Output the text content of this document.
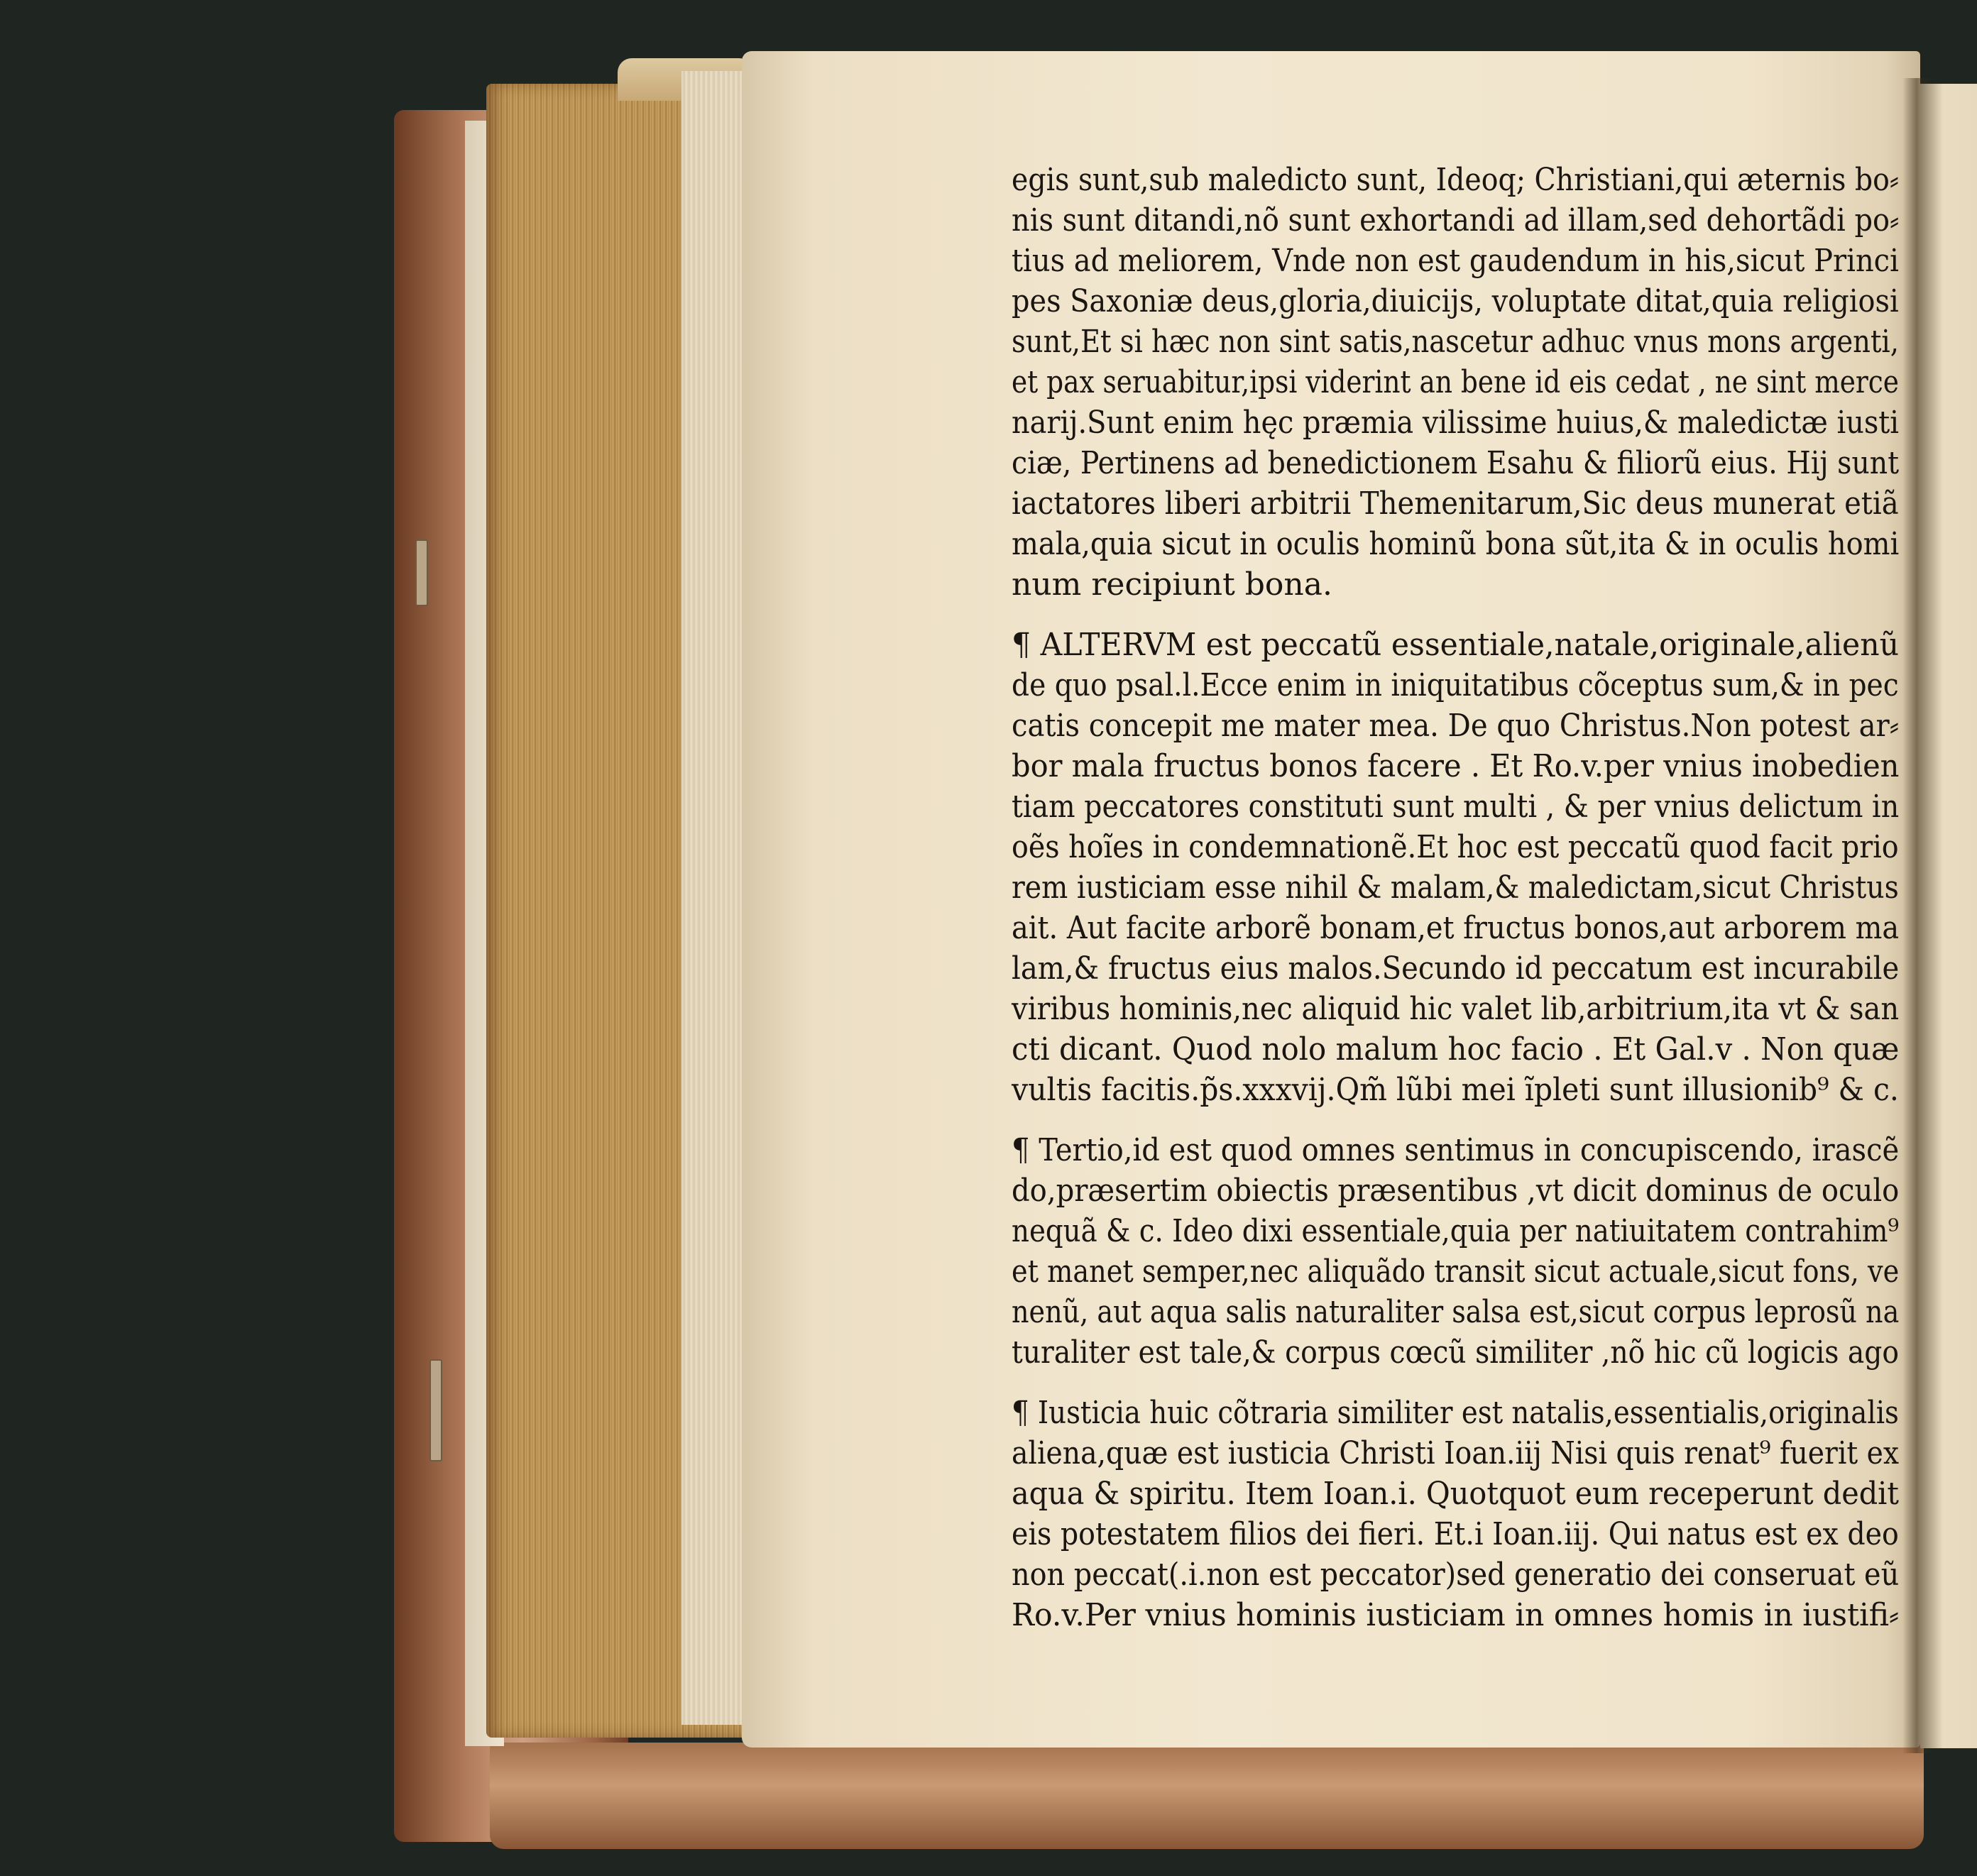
egis sunt,sub maledicto sunt, Ideoq; Christiani,qui æternis bo⸗
nis sunt ditandi,nõ sunt exhortandi ad illam,sed dehortãdi po⸗
tius ad meliorem, Vnde non est gaudendum in his,sicut Princi
pes Saxoniæ deus,gloria,diuicijs, voluptate ditat,quia religiosi
sunt,Et si hæc non sint satis,nascetur adhuc vnus mons argenti,
et pax seruabitur,ipsi viderint an bene id eis cedat , ne sint merce
narij.Sunt enim hęc præmia vilissime huius,& maledictæ iusti
ciæ, Pertinens ad benedictionem Esahu & filiorũ eius. Hij sunt
iactatores liberi arbitrii Themenitarum,Sic deus munerat etiã
mala,quia sicut in oculis hominũ bona sũt,ita & in oculis homi
num recipiunt bona.

¶ ALTERVM est peccatũ essentiale,natale,originale,alienũ
de quo psal.l.Ecce enim in iniquitatibus cõceptus sum,& in pec
catis concepit me mater mea. De quo Christus.Non potest ar⸗
bor mala fructus bonos facere . Et Ro.v.per vnius inobedien
tiam peccatores constituti sunt multi , & per vnius delictum in
oẽs hoĩes in condemnationẽ.Et hoc est peccatũ quod facit prio
rem iusticiam esse nihil & malam,& maledictam,sicut Christus
ait. Aut facite arborẽ bonam,et fructus bonos,aut arborem ma
lam,& fructus eius malos.Secundo id peccatum est incurabile
viribus hominis,nec aliquid hic valet lib,arbitrium,ita vt & san
cti dicant. Quod nolo malum hoc facio . Et Gal.v . Non quæ
vultis facitis.p̃s.xxxvij.Qm̃ lũbi mei ĩpleti sunt illusionib⁹ & c.

¶ Tertio,id est quod omnes sentimus in concupiscendo, irascẽ
do,præsertim obiectis præsentibus ,vt dicit dominus de oculo
nequã & c. Ideo dixi essentiale,quia per natiuitatem contrahim⁹
et manet semper,nec aliquãdo transit sicut actuale,sicut fons, ve
nenũ, aut aqua salis naturaliter salsa est,sicut corpus leprosũ na
turaliter est tale,& corpus cœcũ similiter ,nõ hic cũ logicis ago

¶ Iusticia huic cõtraria similiter est natalis,essentialis,originalis
aliena,quæ est iusticia Christi Ioan.iij Nisi quis renat⁹ fuerit ex
aqua & spiritu. Item Ioan.i. Quotquot eum receperunt dedit
eis potestatem filios dei fieri. Et.i Ioan.iij. Qui natus est ex deo
non peccat(.i.non est peccator)sed generatio dei conseruat eũ
Ro.v.Per vnius hominis iusticiam in omnes homis in iustifi⸗
